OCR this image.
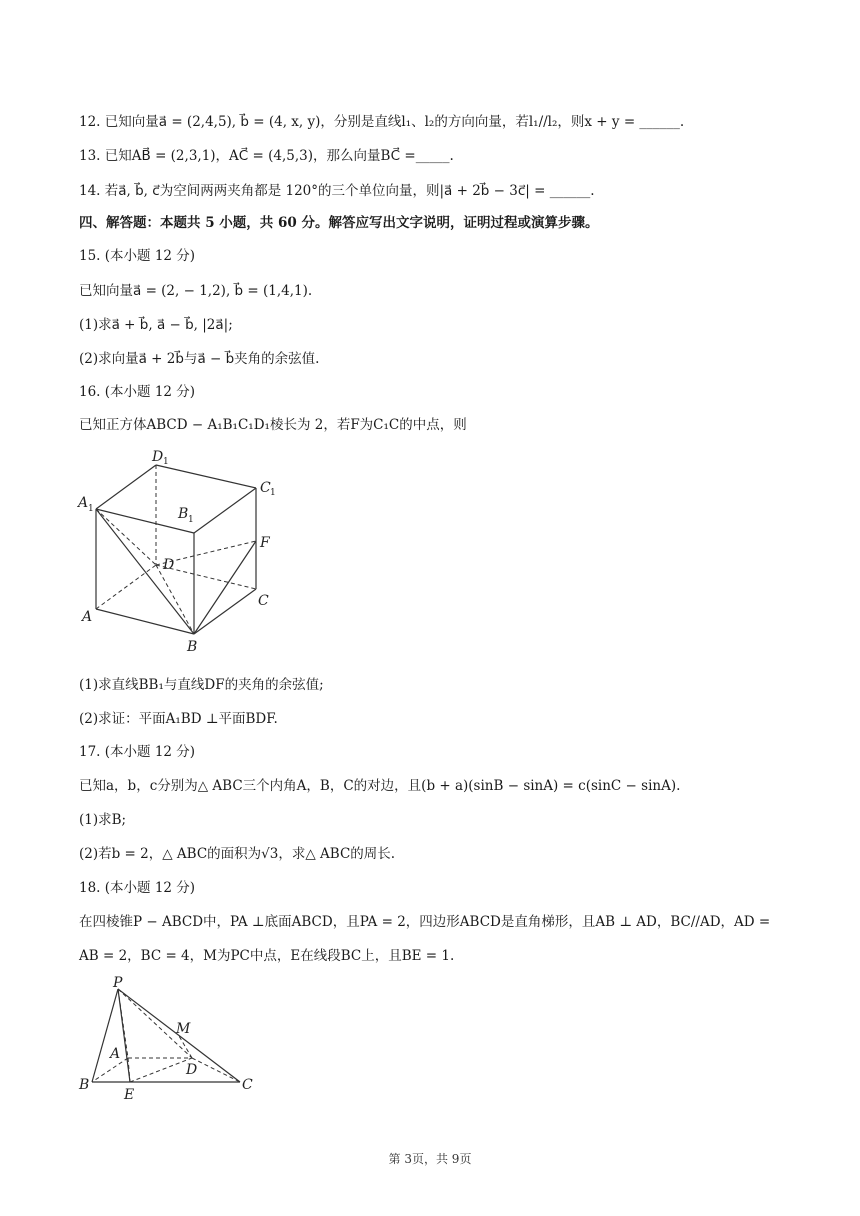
12. 已知向量a⃗ = (2,4,5), b⃗ = (4, x, y)，分别是直线l₁、l₂的方向向量，若l₁//l₂，则x + y = ______.
13. 已知AB⃗ = (2,3,1)，AC⃗ = (4,5,3)，那么向量BC⃗ =_____.
14. 若a⃗, b⃗, c⃗为空间两两夹角都是 120°的三个单位向量，则|a⃗ + 2b⃗ − 3c⃗| = ______.
四、解答题：本题共 5 小题，共 60 分。解答应写出文字说明，证明过程或演算步骤。
15. (本小题 12 分)
已知向量a⃗ = (2, − 1,2), b⃗ = (1,4,1).
(1)求a⃗ + b⃗, a⃗ − b⃗, |2a⃗|;
(2)求向量a⃗ + 2b⃗与a⃗ − b⃗夹角的余弦值.
16. (本小题 12 分)
已知正方体ABCD − A₁B₁C₁D₁棱长为 2，若F为C₁C的中点，则
D 1
C 1
A 1	B 1
F
D
C
A
B
(1)求直线BB₁与直线DF的夹角的余弦值;
(2)求证：平面A₁BD ⊥平面BDF.
17. (本小题 12 分)
已知a，b，c分别为△ ABC三个内角A，B，C的对边，且(b + a)(sinB − sinA) = c(sinC − sinA).
(1)求B;
(2)若b = 2，△ ABC的面积为√3，求△ ABC的周长.
18. (本小题 12 分)
在四棱锥P − ABCD中，PA ⊥底面ABCD，且PA = 2，四边形ABCD是直角梯形，且AB ⊥ AD，BC//AD，AD =
AB = 2，BC = 4，M为PC中点，E在线段BC上，且BE = 1.
P
M
A
D
B
E
C
第 3页，共 9页
